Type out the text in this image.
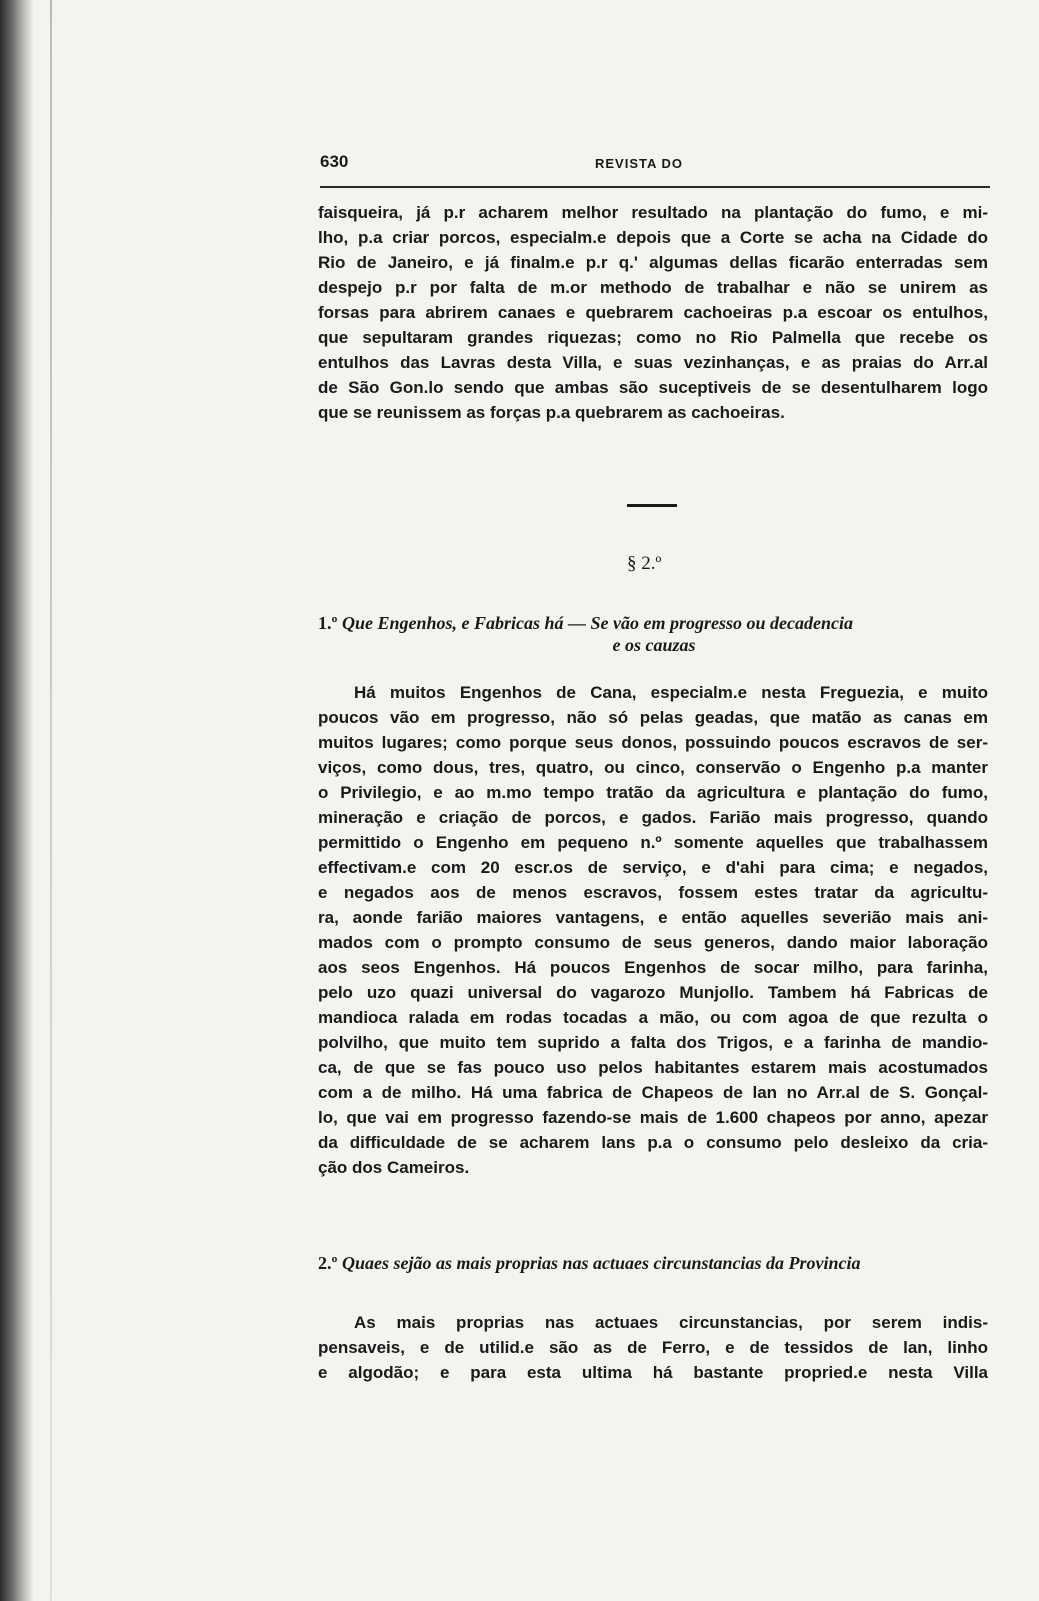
630	REVISTA DO
faisqueira, já p.r acharem melhor resultado na plantação do fumo, e mi-
lho, p.a criar porcos, especialm.e depois que a Corte se acha na Cidade do
Rio de Janeiro, e já finalm.e p.r q.' algumas dellas ficarão enterradas sem
despejo p.r por falta de m.or methodo de trabalhar e não se unirem as
forsas para abrirem canaes e quebrarem cachoeiras p.a escoar os entulhos,
que sepultaram grandes riquezas; como no Rio Palmella que recebe os
entulhos das Lavras desta Villa, e suas vezinhanças, e as praias do Arr.al
de São Gon.lo sendo que ambas são suceptiveis de se desentulharem logo
que se reunissem as forças p.a quebrarem as cachoeiras.
§ 2.º
1.º Que Engenhos, e Fabricas há — Se vão em progresso ou decadencia
e os cauzas
Há muitos Engenhos de Cana, especialm.e nesta Freguezia, e muito
poucos vão em progresso, não só pelas geadas, que matão as canas em
muitos lugares; como porque seus donos, possuindo poucos escravos de ser-
viços, como dous, tres, quatro, ou cinco, conservão o Engenho p.a manter
o Privilegio, e ao m.mo tempo tratão da agricultura e plantação do fumo,
mineração e criação de porcos, e gados. Farião mais progresso, quando
permittido o Engenho em pequeno n.º somente aquelles que trabalhassem
effectivam.e com 20 escr.os de serviço, e d'ahi para cima; e negados,
e negados aos de menos escravos, fossem estes tratar da agricultu-
ra, aonde farião maiores vantagens, e então aquelles severião mais ani-
mados com o prompto consumo de seus generos, dando maior laboração
aos seos Engenhos. Há poucos Engenhos de socar milho, para farinha,
pelo uzo quazi universal do vagarozo Munjollo. Tambem há Fabricas de
mandioca ralada em rodas tocadas a mão, ou com agoa de que rezulta o
polvilho, que muito tem suprido a falta dos Trigos, e a farinha de mandio-
ca, de que se fas pouco uso pelos habitantes estarem mais acostumados
com a de milho. Há uma fabrica de Chapeos de lan no Arr.al de S. Gonçal-
lo, que vai em progresso fazendo-se mais de 1.600 chapeos por anno, apezar
da difficuldade de se acharem lans p.a o consumo pelo desleixo da cria-
ção dos Cameiros.
2.º Quaes sejão as mais proprias nas actuaes circunstancias da Provincia
As mais proprias nas actuaes circunstancias, por serem indis-
pensaveis, e de utilid.e são as de Ferro, e de tessidos de lan, linho
e algodão; e para esta ultima há bastante propried.e nesta Villa
